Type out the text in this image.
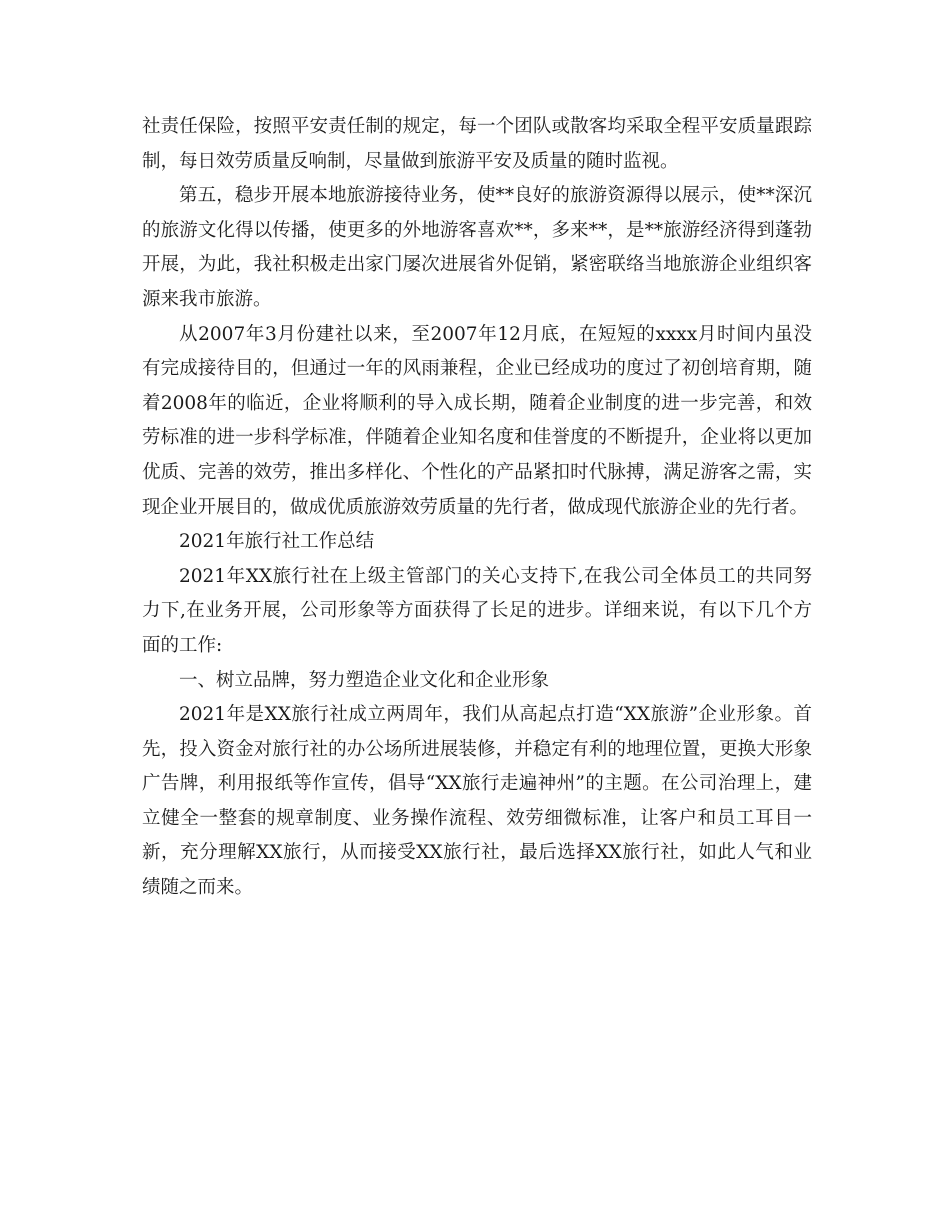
社责任保险，按照平安责任制的规定，每一个团队或散客均采取全程平安质量跟踪制，每日效劳质量反响制，尽量做到旅游平安及质量的随时监视。

第五，稳步开展本地旅游接待业务，使**良好的旅游资源得以展示，使**深沉的旅游文化得以传播，使更多的外地游客喜欢**，多来**，是**旅游经济得到蓬勃开展，为此，我社积极走出家门屡次进展省外促销，紧密联络当地旅游企业组织客源来我市旅游。

从2007年3月份建社以来，至2007年12月底，在短短的xxxx月时间内虽没有完成接待目的，但通过一年的风雨兼程，企业已经成功的度过了初创培育期，随着2008年的临近，企业将顺利的导入成长期，随着企业制度的进一步完善，和效劳标准的进一步科学标准，伴随着企业知名度和佳誉度的不断提升，企业将以更加优质、完善的效劳，推出多样化、个性化的产品紧扣时代脉搏，满足游客之需，实现企业开展目的，做成优质旅游效劳质量的先行者，做成现代旅游企业的先行者。

2021年旅行社工作总结

2021年XX旅行社在上级主管部门的关心支持下,在我公司全体员工的共同努力下,在业务开展，公司形象等方面获得了长足的进步。详细来说，有以下几个方面的工作:

一、树立品牌，努力塑造企业文化和企业形象

2021年是XX旅行社成立两周年，我们从高起点打造“XX旅游”企业形象。首先，投入资金对旅行社的办公场所进展装修，并稳定有利的地理位置，更换大形象广告牌，利用报纸等作宣传，倡导“XX旅行走遍神州”的主题。在公司治理上，建立健全一整套的规章制度、业务操作流程、效劳细微标准，让客户和员工耳目一新，充分理解XX旅行，从而接受XX旅行社，最后选择XX旅行社，如此人气和业绩随之而来。
